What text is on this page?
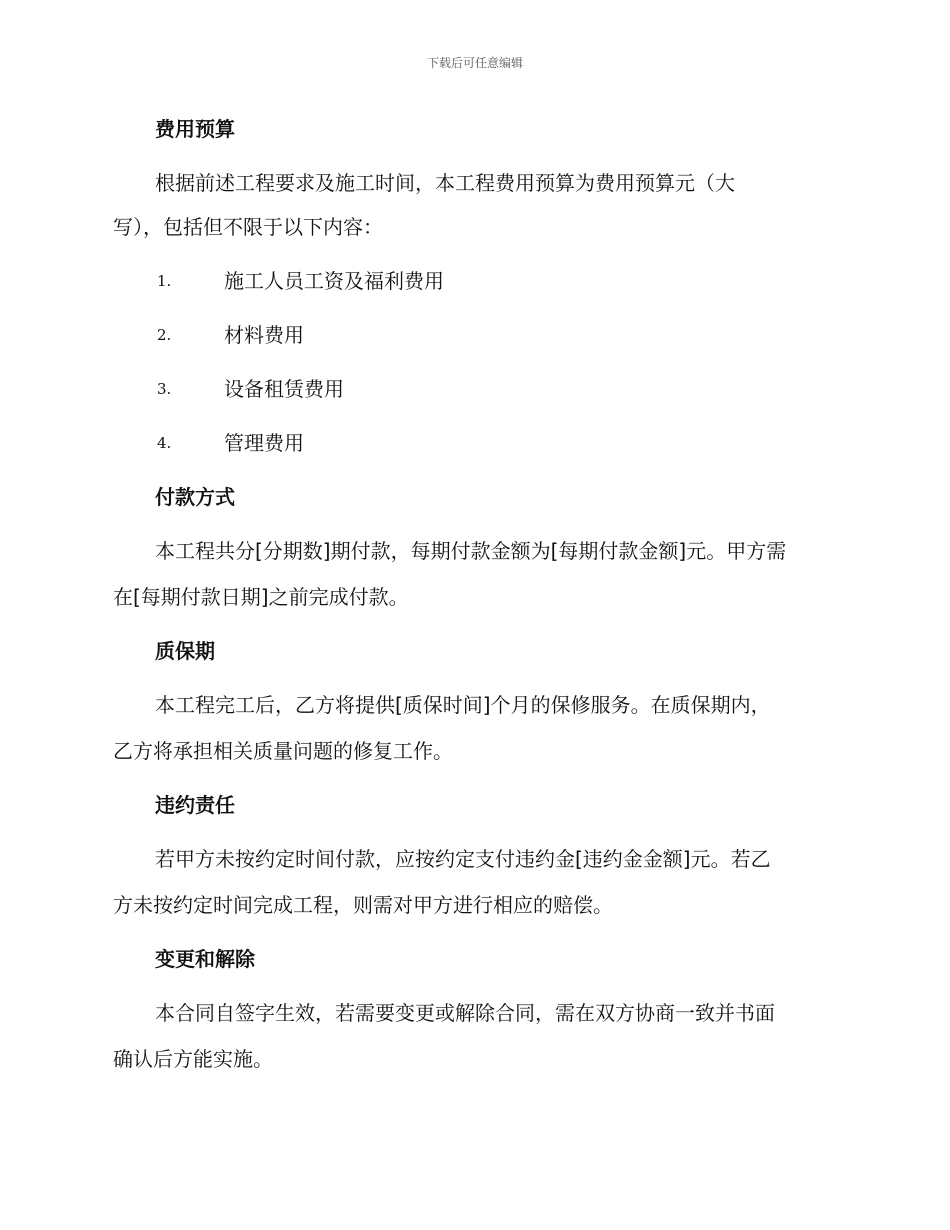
下载后可任意编辑
费用预算
根据前述工程要求及施工时间，本工程费用预算为费用预算元（大
写），包括但不限于以下内容：
1.	施工人员工资及福利费用
2.	材料费用
3.	设备租赁费用
4.	管理费用
付款方式
本工程共分[分期数]期付款，每期付款金额为[每期付款金额]元。甲方需
在[每期付款日期]之前完成付款。
质保期
本工程完工后，乙方将提供[质保时间]个月的保修服务。在质保期内，
乙方将承担相关质量问题的修复工作。
违约责任
若甲方未按约定时间付款，应按约定支付违约金[违约金金额]元。若乙
方未按约定时间完成工程，则需对甲方进行相应的赔偿。
变更和解除
本合同自签字生效，若需要变更或解除合同，需在双方协商一致并书面
确认后方能实施。
